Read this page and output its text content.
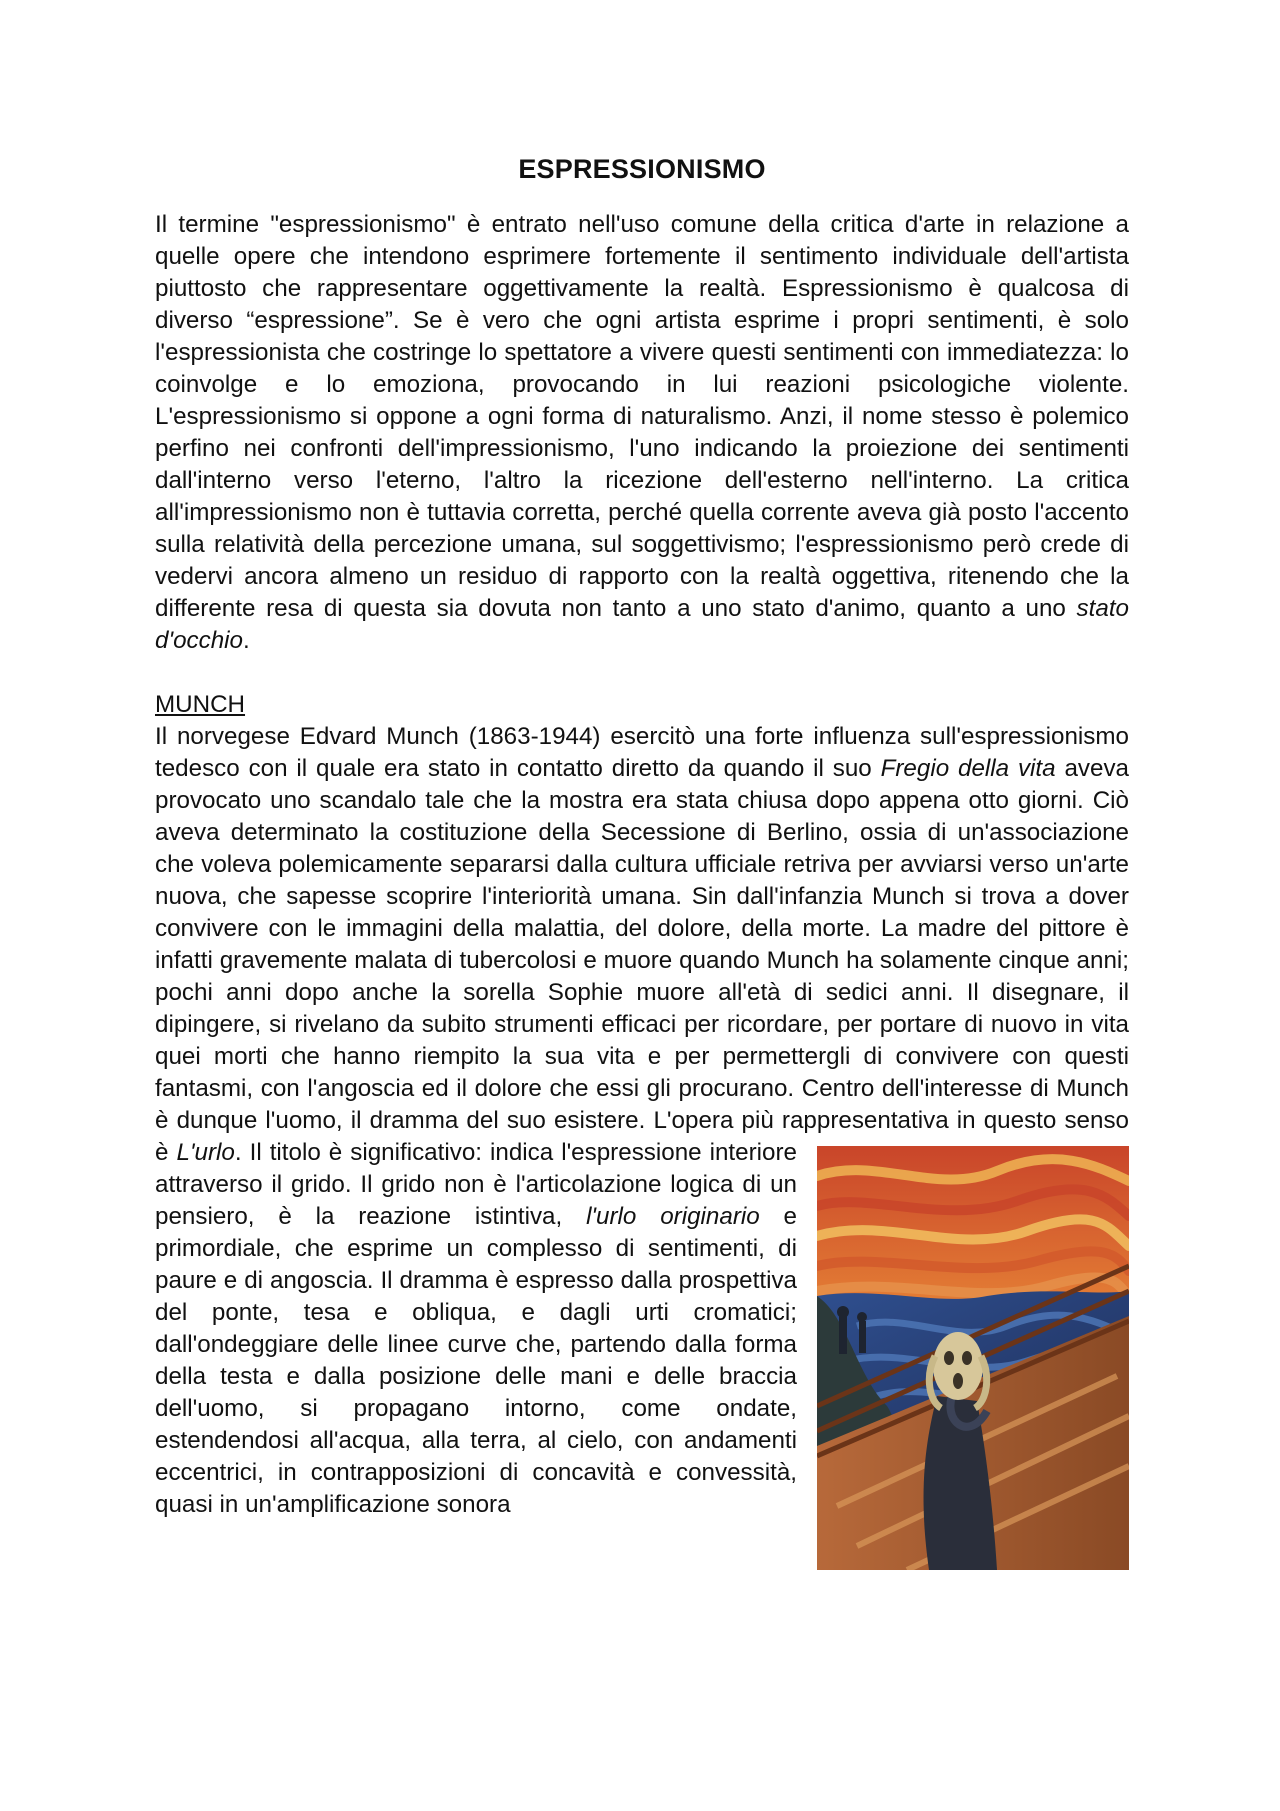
ESPRESSIONISMO

Il termine "espressionismo" è entrato nell'uso comune della critica d'arte in relazione a quelle opere che intendono esprimere fortemente il sentimento individuale dell'artista piuttosto che rappresentare oggettivamente la realtà. Espressionismo è qualcosa di diverso “espressione”. Se è vero che ogni artista esprime i propri sentimenti, è solo l'espressionista che costringe lo spettatore a vivere questi sentimenti con immediatezza: lo coinvolge e lo emoziona, provocando in lui reazioni psicologiche violente. L'espressionismo si oppone a ogni forma di naturalismo. Anzi, il nome stesso è polemico perfino nei confronti dell'impressionismo, l'uno indicando la proiezione dei sentimenti dall'interno verso l'eterno, l'altro la ricezione dell'esterno nell'interno. La critica all'impressionismo non è tuttavia corretta, perché quella corrente aveva già posto l'accento sulla relatività della percezione umana, sul soggettivismo; l'espressionismo però crede di vedervi ancora almeno un residuo di rapporto con la realtà oggettiva, ritenendo che la differente resa di questa sia dovuta non tanto a uno stato d'animo, quanto a uno stato d'occhio.

MUNCH

Il norvegese Edvard Munch (1863-1944) esercitò una forte influenza sull'espressionismo tedesco con il quale era stato in contatto diretto da quando il suo Fregio della vita aveva provocato uno scandalo tale che la mostra era stata chiusa dopo appena otto giorni. Ciò aveva determinato la costituzione della Secessione di Berlino, ossia di un'associazione che voleva polemicamente separarsi dalla cultura ufficiale retriva per avviarsi verso un'arte nuova, che sapesse scoprire l'interiorità umana. Sin dall'infanzia Munch si trova a dover convivere con le immagini della malattia, del dolore, della morte. La madre del pittore è infatti gravemente malata di tubercolosi e muore quando Munch ha solamente cinque anni; pochi anni dopo anche la sorella Sophie muore all'età di sedici anni. Il disegnare, il dipingere, si rivelano da subito strumenti efficaci per ricordare, per portare di nuovo in vita quei morti che hanno riempito la sua vita e per permettergli di convivere con questi fantasmi, con l'angoscia ed il dolore che essi gli procurano. Centro dell'interesse di Munch è dunque l'uomo, il dramma del suo esistere. L'opera più rappresentativa in questo senso è
L'urlo. Il titolo è significativo: indica l'espressione interiore attraverso il grido. Il grido non è l'articolazione logica di un pensiero, è la reazione istintiva, l'urlo originario e primordiale, che esprime un complesso di sentimenti, di paure e di angoscia. Il dramma è espresso dalla prospettiva del ponte, tesa e obliqua, e dagli urti cromatici; dall'ondeggiare delle linee curve che, partendo dalla forma della testa e dalla posizione delle mani e delle braccia dell'uomo, si propagano intorno, come ondate, estendendosi all'acqua, alla terra, al cielo, con andamenti eccentrici, in contrapposizioni di concavità e convessità, quasi in un'amplificazione sonora
